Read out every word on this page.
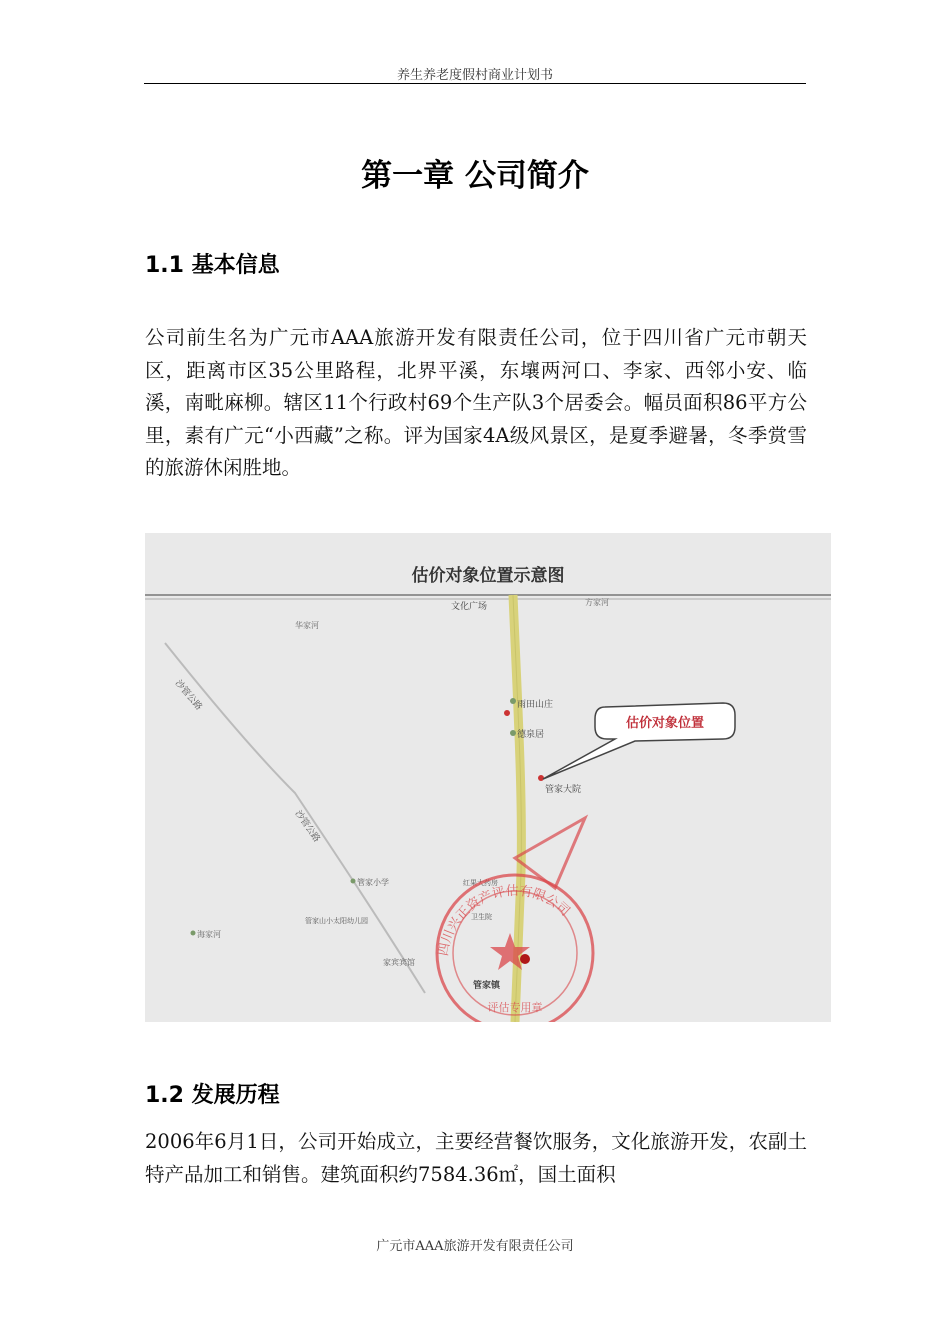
养生养老度假村商业计划书
第一章 公司简介
1.1 基本信息

公司前生名为广元市AAA旅游开发有限责任公司，位于四川省广元市朝天区，距离市区35公里路程，北界平溪，东壤两河口、李家、西邻小安、临溪，南毗麻柳。辖区11个行政村69个生产队3个居委会。幅员面积86平方公里，素有广元“小西藏”之称。评为国家4A级风景区，是夏季避暑，冬季赏雪的旅游休闲胜地。

估价对象位置示意图
文化广场
华家河
雨田山庄
德泉居
管家大院
管家小学
管家山小太阳幼儿园
海家河
方家河
家宾宾馆
红果大药房
卫生院
管家镇
沙管公路
沙管公路
估价对象位置
四川兴正资产评估有限公司
评估专用章
1.2 发展历程

2006年6月1日，公司开始成立，主要经营餐饮服务，文化旅游开发，农副土特产品加工和销售。建筑面积约7584.36㎡，国土面积

广元市AAA旅游开发有限责任公司
